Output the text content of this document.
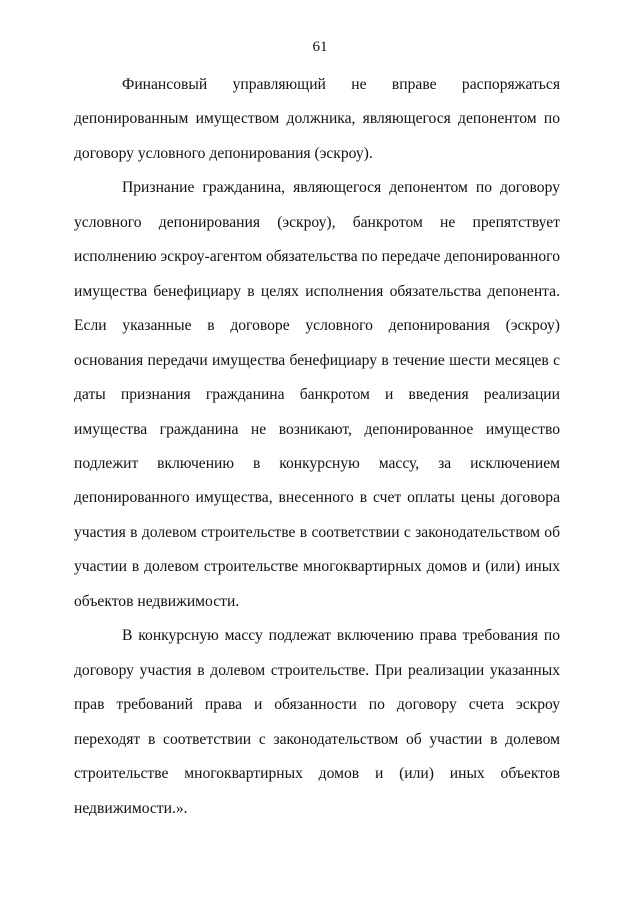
61

Финансовый управляющий не вправе распоряжаться депонированным имуществом должника, являющегося депонентом по договору условного депонирования (эскроу).

Признание гражданина, являющегося депонентом по договору условного депонирования (эскроу), банкротом не препятствует исполнению эскроу-агентом обязательства по передаче депонированного имущества бенефициару в целях исполнения обязательства депонента. Если указанные в договоре условного депонирования (эскроу) основания передачи имущества бенефициару в течение шести месяцев с даты признания гражданина банкротом и введения реализации имущества гражданина не возникают, депонированное имущество подлежит включению в конкурсную массу, за исключением депонированного имущества, внесенного в счет оплаты цены договора участия в долевом строительстве в соответствии с законодательством об участии в долевом строительстве многоквартирных домов и (или) иных объектов недвижимости.

В конкурсную массу подлежат включению права требования по договору участия в долевом строительстве. При реализации указанных прав требований права и обязанности по договору счета эскроу переходят в соответствии с законодательством об участии в долевом строительстве многоквартирных домов и (или) иных объектов недвижимости.».
